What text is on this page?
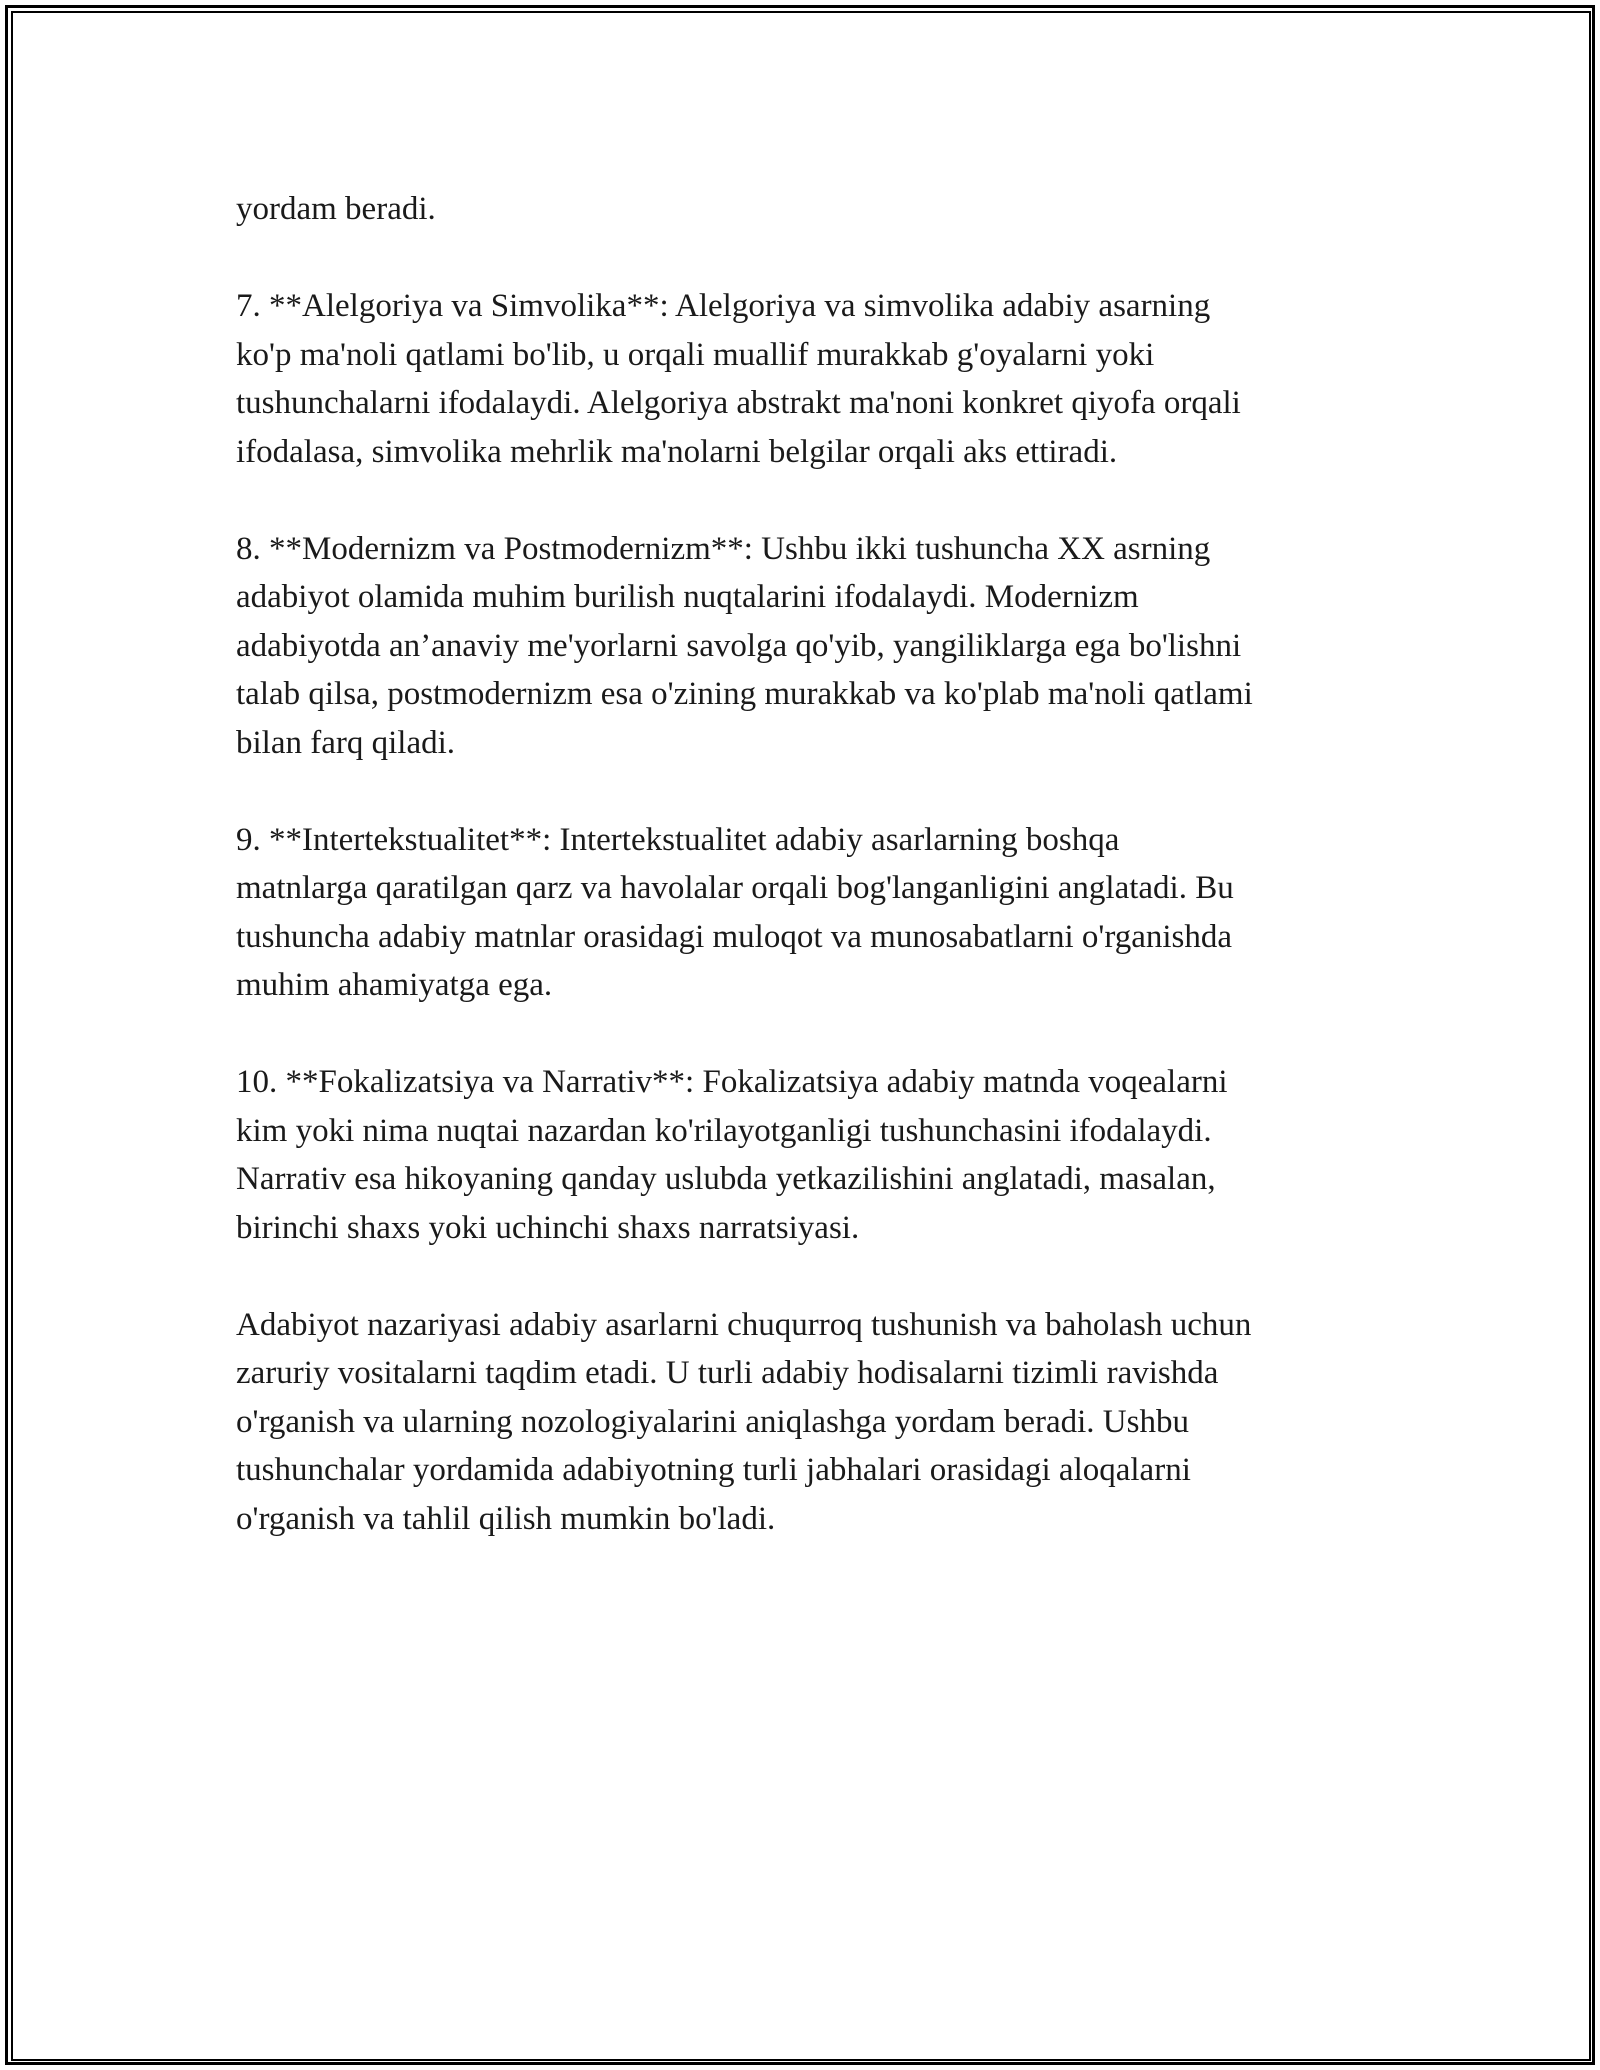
yordam beradi.

7. **Alelgoriya va Simvolika**: Alelgoriya va simvolika adabiy asarning
ko'p ma'noli qatlami bo'lib, u orqali muallif murakkab g'oyalarni yoki
tushunchalarni ifodalaydi. Alelgoriya abstrakt ma'noni konkret qiyofa orqali
ifodalasa, simvolika mehrlik ma'nolarni belgilar orqali aks ettiradi.

8. **Modernizm va Postmodernizm**: Ushbu ikki tushuncha XX asrning
adabiyot olamida muhim burilish nuqtalarini ifodalaydi. Modernizm
adabiyotda an’anaviy me'yorlarni savolga qo'yib, yangiliklarga ega bo'lishni
talab qilsa, postmodernizm esa o'zining murakkab va ko'plab ma'noli qatlami
bilan farq qiladi.

9. **Intertekstualitet**: Intertekstualitet adabiy asarlarning boshqa
matnlarga qaratilgan qarz va havolalar orqali bog'langanligini anglatadi. Bu
tushuncha adabiy matnlar orasidagi muloqot va munosabatlarni o'rganishda
muhim ahamiyatga ega.

10. **Fokalizatsiya va Narrativ**: Fokalizatsiya adabiy matnda voqealarni
kim yoki nima nuqtai nazardan ko'rilayotganligi tushunchasini ifodalaydi.
Narrativ esa hikoyaning qanday uslubda yetkazilishini anglatadi, masalan,
birinchi shaxs yoki uchinchi shaxs narratsiyasi.

Adabiyot nazariyasi adabiy asarlarni chuqurroq tushunish va baholash uchun
zaruriy vositalarni taqdim etadi. U turli adabiy hodisalarni tizimli ravishda
o'rganish va ularning nozologiyalarini aniqlashga yordam beradi. Ushbu
tushunchalar yordamida adabiyotning turli jabhalari orasidagi aloqalarni
o'rganish va tahlil qilish mumkin bo'ladi.
